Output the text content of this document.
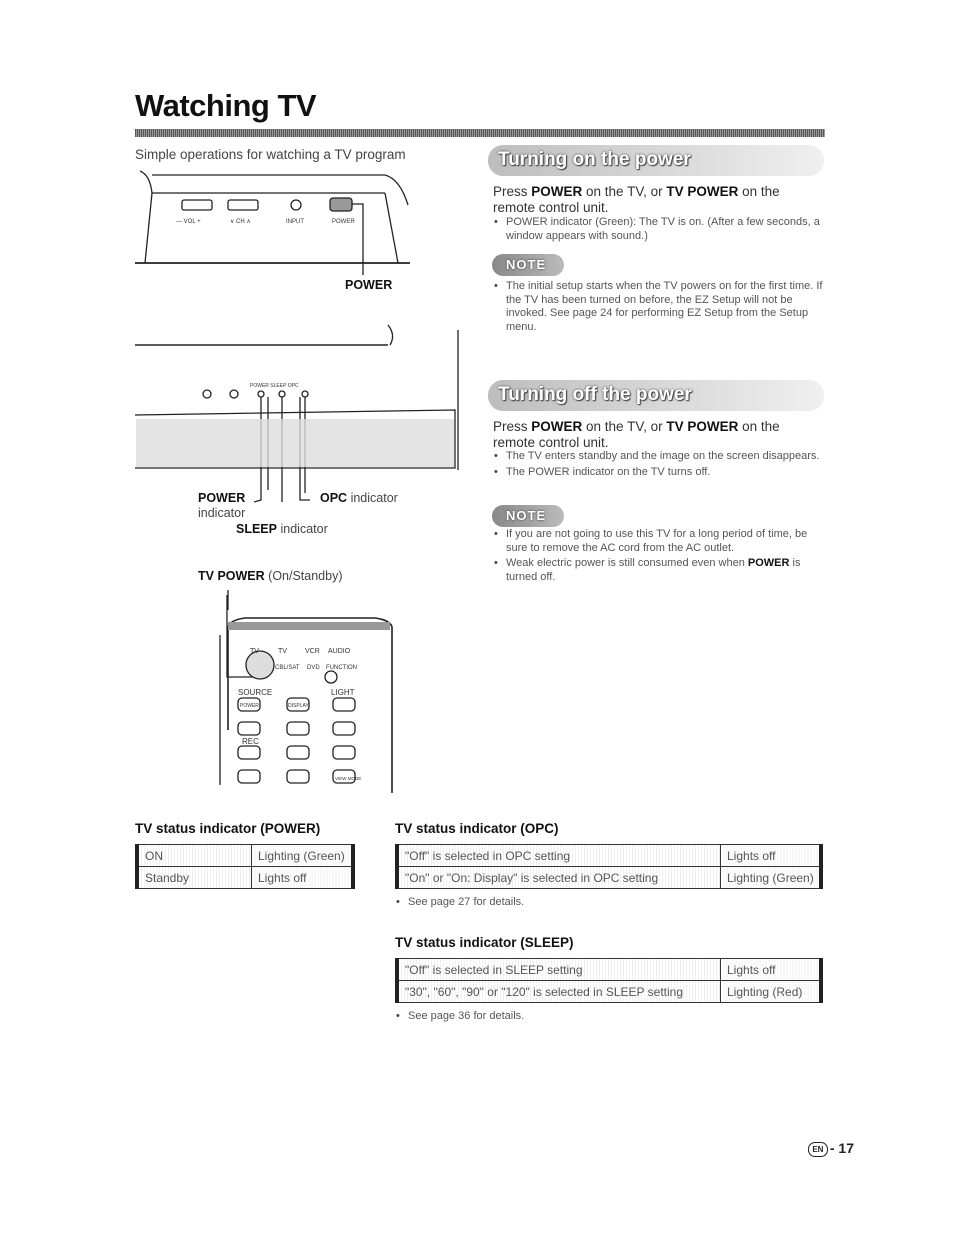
Watching TV
Simple operations for watching a TV program
— VOL +	∨ CH ∧	INPUT	POWER
POWER SLEEP OPC
TV	TV	VCR AUDIO
CBL/SAT DVD FUNCTION
SOURCE	LIGHT
POWER	DISPLAY
REC
VIEW MODE
POWER
POWER
indicator
OPC indicator
SLEEP indicator
TV POWER (On/Standby)
Turning on the power
Press POWER on the TV, or TV POWER on the remote control unit.
• POWER indicator (Green): The TV is on. (After a few seconds, a window appears with sound.)
NOTE
• The initial setup starts when the TV powers on for the first time. If the TV has been turned on before, the EZ Setup will not be invoked. See page 24 for performing EZ Setup from the Setup menu.
Turning off the power
Press POWER on the TV, or TV POWER on the remote control unit.
• The TV enters standby and the image on the screen disappears.
• The POWER indicator on the TV turns off.
NOTE
• If you are not going to use this TV for a long period of time, be sure to remove the AC cord from the AC outlet.
• Weak electric power is still consumed even when POWER is turned off.
TV status indicator (POWER)
ON	Lighting (Green)
Standby	Lights off
TV status indicator (OPC)
"Off" is selected in OPC setting	Lights off
"On" or "On: Display" is selected in OPC setting	Lighting (Green)
• See page 27 for details.
TV status indicator (SLEEP)
"Off" is selected in SLEEP setting	Lights off
"30", "60", "90" or "120" is selected in SLEEP setting	Lighting (Red)
• See page 36 for details.
EN - 17
